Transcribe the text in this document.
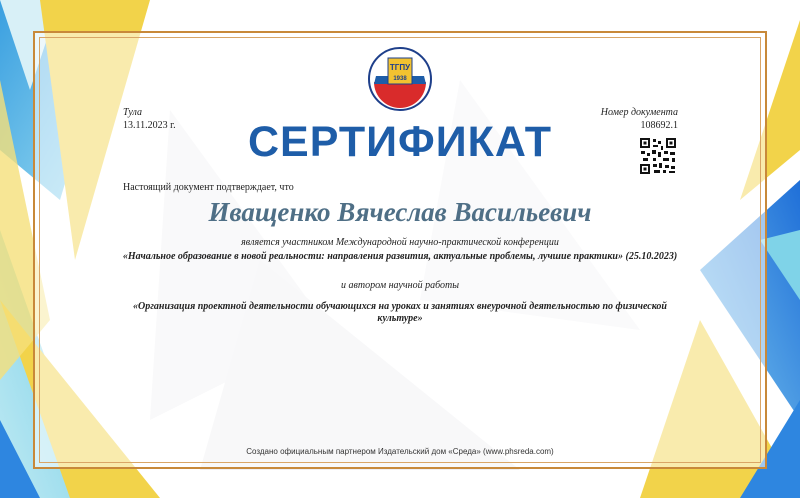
ТГПУ
1938
Тула
13.11.2023 г.
Номер документа
108692.1
СЕРТИФИКАТ
Настоящий документ подтверждает, что
Иващенко Вячеслав Васильевич
является участником Международной научно-практической конференции
«Начальное образование в новой реальности: направления развития, актуальные проблемы, лучшие практики» (25.10.2023)
и автором научной работы
«Организация проектной деятельности обучающихся на уроках и занятиях внеурочной деятельностью по физической культуре»
Создано официальным партнером Издательский дом «Среда» (www.phsreda.com)
